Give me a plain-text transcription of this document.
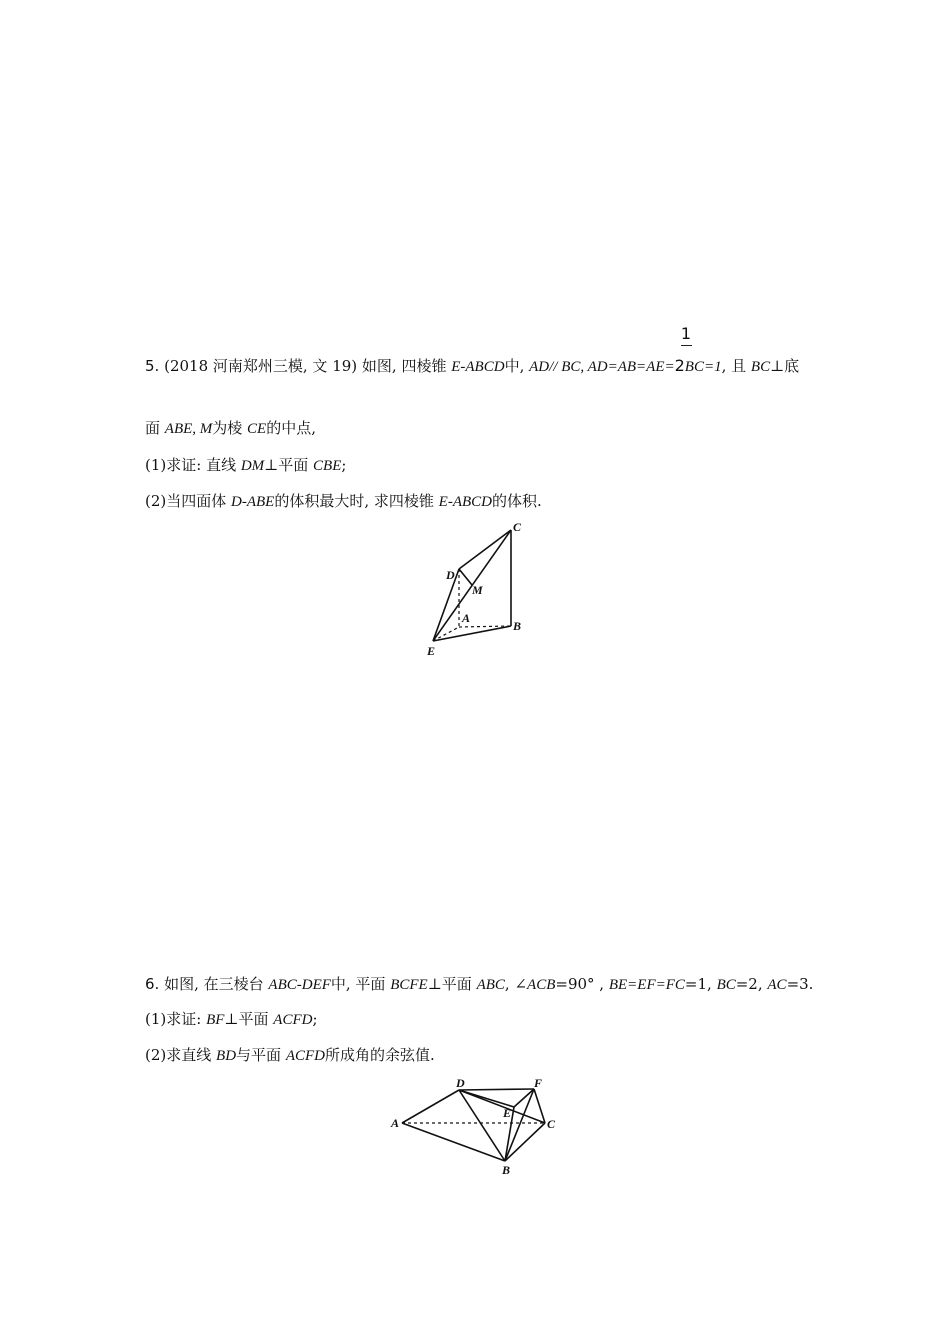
1
5. (2018 河南郑州三模, 文 19) 如图, 四棱锥 E-ABCD中, AD// BC, AD=AB=AE=2BC=1, 且 BC⊥底
面 ABE, M为棱 CE的中点,
(1)求证: 直线 DM⊥平面 CBE;
(2)当四面体 D-ABE的体积最大时, 求四棱锥 E-ABCD的体积.
C
D
M
A
B
E
6. 如图, 在三棱台 ABC-DEF中, 平面 BCFE⊥平面 ABC, ∠ACB=90° , BE=EF=FC=1, BC=2, AC=3.
(1)求证: BF⊥平面 ACFD;
(2)求直线 BD与平面 ACFD所成角的余弦值.
D	F
E
A	C
B
